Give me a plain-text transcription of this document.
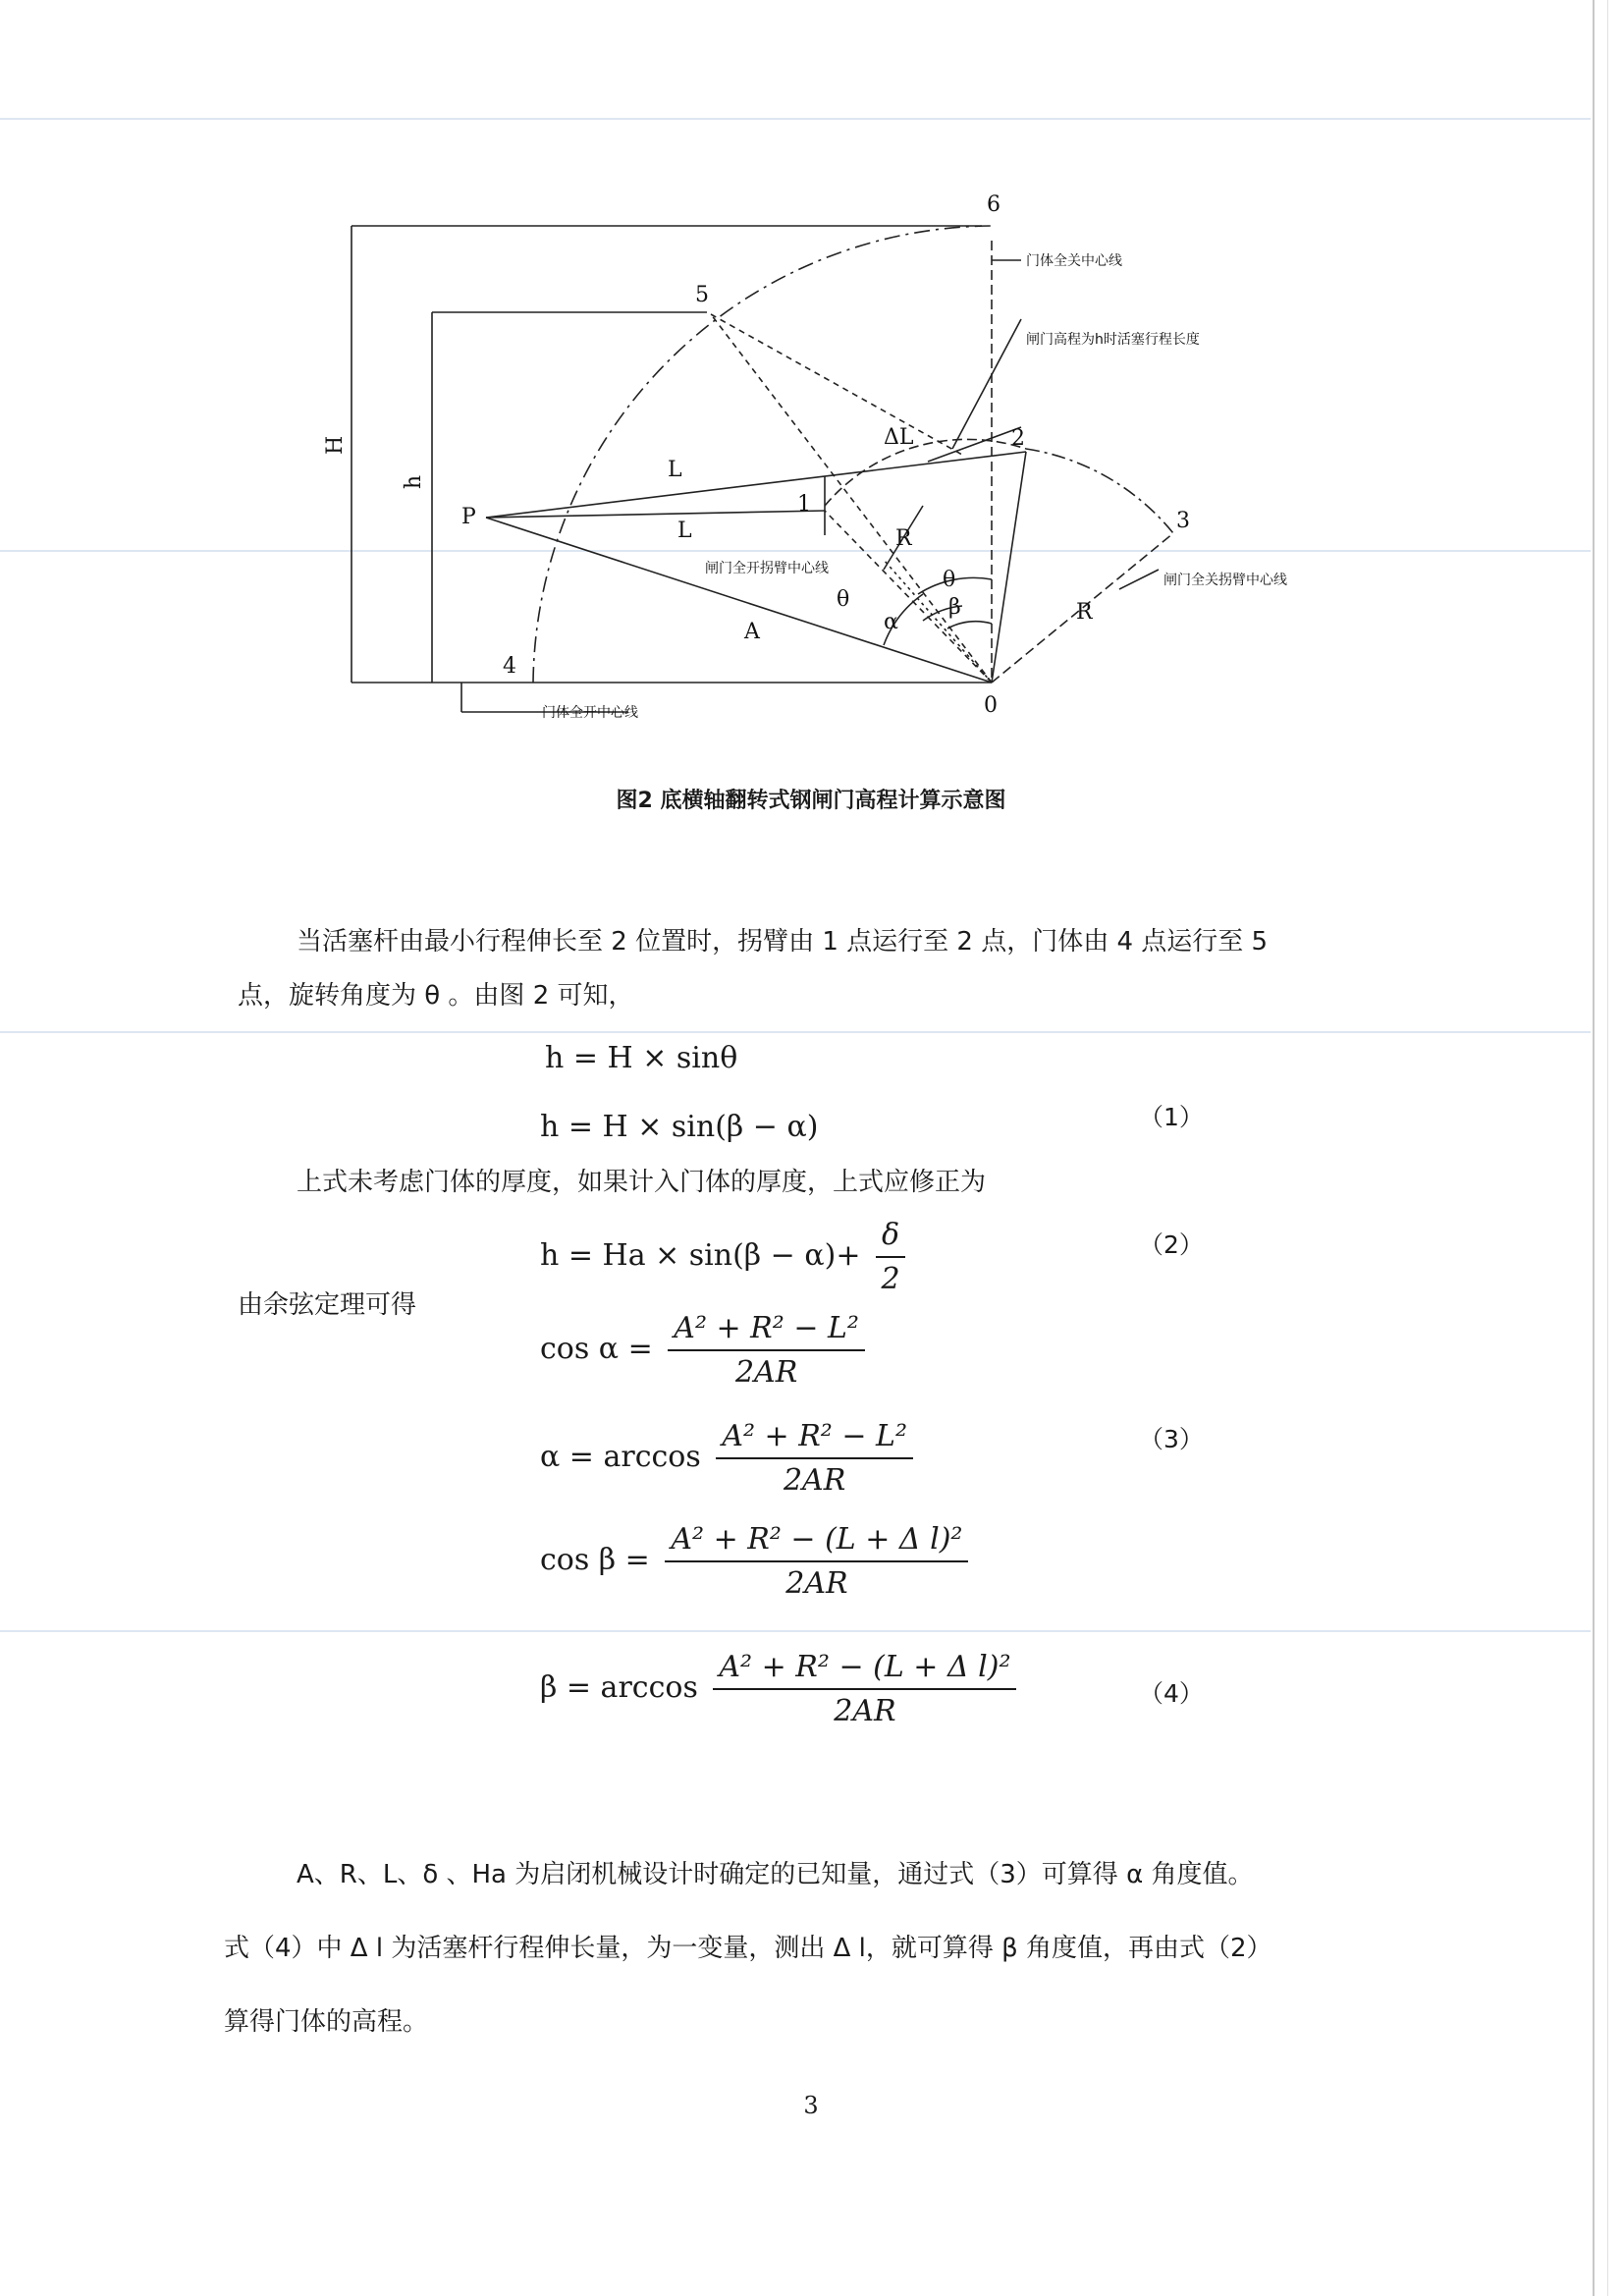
6
5
2
3
1
4
0
P
H
h	L
L
A
R
R
ΔL
θ
θ
α
β
门体全关中心线
闸门高程为h时活塞行程长度
闸门全开拐臂中心线
闸门全关拐臂中心线
门体全开中心线
图2 底横轴翻转式钢闸门高程计算示意图
当活塞杆由最小行程伸长至 2 位置时，拐臂由 1 点运行至 2 点，门体由 4 点运行至 5
点，旋转角度为 θ 。由图 2 可知，
h = H × sinθ
h = H × sin(β − α)	（1）
上式未考虑门体的厚度，如果计入门体的厚度，上式应修正为
$h = Ha \times \sin(\beta - \alpha)+ \frac{\delta}{2}$	（2）
由余弦定理可得
$\cos \alpha = \frac{\text{A² + R² − L²}}{2AR}$
$\alpha = \arccos \frac{\text{A² + R² − L²}}{2AR}$	（3）
$\cos \beta = \frac{\text{A² + R² − (L + Δ l)²}}{2AR}$
$\beta = \arccos \frac{\text{A² + R² − (L + Δ l)²}}{2AR}$	（4）
A、R、L、δ 、Ha 为启闭机械设计时确定的已知量，通过式（3）可算得 α 角度值。
式（4）中 Δ l 为活塞杆行程伸长量，为一变量，测出 Δ l，就可算得 β 角度值，再由式（2）
算得门体的高程。
3
